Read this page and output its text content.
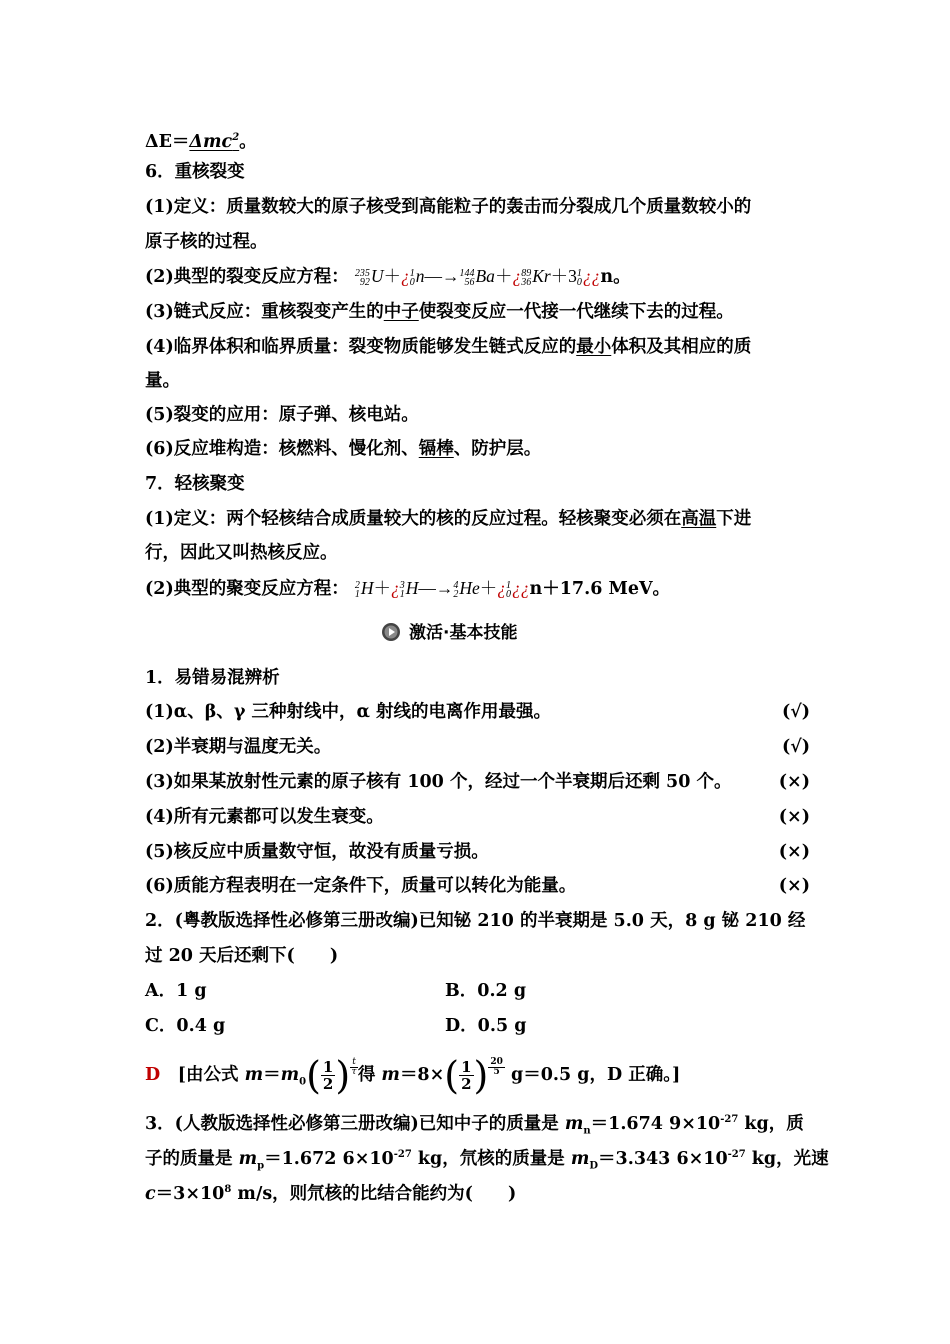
ΔE＝Δmc$^2$。
6．重核裂变
(1)定义：质量数较大的原子核受到高能粒子的轰击而分裂成几个质量数较小的
原子核的过程。
(2)典型的裂变反应方程： 235
92 U＋¿ 1
0 n—→ 144
56 Ba＋¿ 89
36 Kr＋3 1
0 ¿¿n。
(3)链式反应：重核裂变产生的中子使裂变反应一代接一代继续下去的过程。
(4)临界体积和临界质量：裂变物质能够发生链式反应的最小体积及其相应的质
量。
(5)裂变的应用：原子弹、核电站。
(6)反应堆构造：核燃料、慢化剂、镉棒、防护层。
7．轻核聚变
(1)定义：两个轻核结合成质量较大的核的反应过程。轻核聚变必须在高温下进
行，因此又叫热核反应。
(2)典型的聚变反应方程： 2
1 H＋¿ 3
1 H—→ 4
2 He＋¿ 1
0 ¿¿n＋17.6 MeV。
激活·基本技能
1．易错易混辨析
(1)α、β、γ 三种射线中，α 射线的电离作用最强。	(√)
(2)半衰期与温度无关。	(√)
(3)如果某放射性元素的原子核有 100 个，经过一个半衰期后还剩 50 个。	(×)
(4)所有元素都可以发生衰变。	(×)
(5)核反应中质量数守恒，故没有质量亏损。	(×)
(6)质能方程表明在一定条件下，质量可以转化为能量。	(×)
2．(粤教版选择性必修第三册改编)已知铋 210 的半衰期是 5.0 天，8 g 铋 210 经
过 20 天后还剩下(　　)
A．1 g	B．0.2 g
C．0.4 g	D．0.5 g
D　 [由公式 $m=m_0( \frac{1}{2}$ ) $\frac{t}{\tau}$ 得 $m=8\times( \frac{1}{2}$ ) $\frac{20}{5} g=0.5$ g，D 正确。]
3．(人教版选择性必修第三册改编)已知中子的质量是 $m_n=1.674$ $9\times 10^{-27}$ kg，质
子的质量是 $m_p=1.672$ $6\times 10^{-27}$ kg，氘核的质量是 $m_D=3.343$ $6\times 10^{-27}$ kg，光速
$c=3\times 10^8$ m/s，则氘核的比结合能约为(　　)
